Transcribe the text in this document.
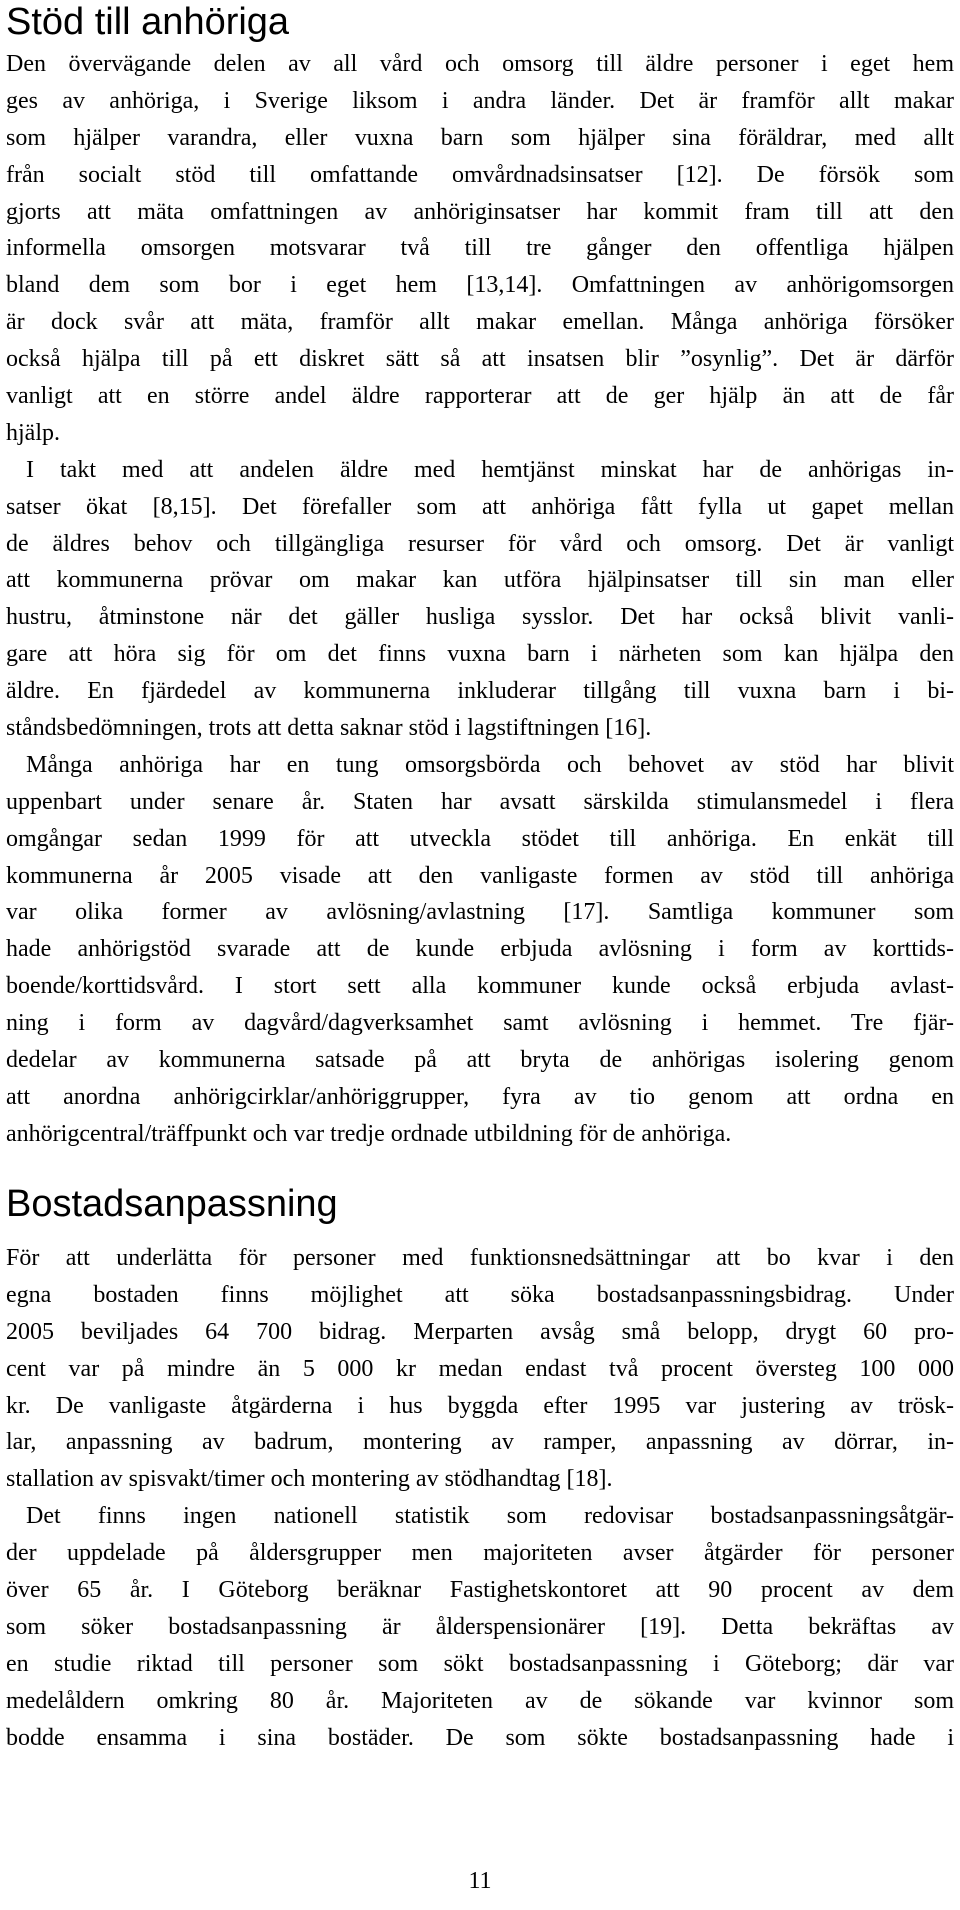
Stöd till anhöriga
Den övervägande delen av all vård och omsorg till äldre personer i eget hem
ges av anhöriga, i Sverige liksom i andra länder. Det är framför allt makar
som hjälper varandra, eller vuxna barn som hjälper sina föräldrar, med allt
från socialt stöd till omfattande omvårdnadsinsatser [12]. De försök som
gjorts att mäta omfattningen av anhöriginsatser har kommit fram till att den
informella omsorgen motsvarar två till tre gånger den offentliga hjälpen
bland dem som bor i eget hem [13,14]. Omfattningen av anhörigomsorgen
är dock svår att mäta, framför allt makar emellan. Många anhöriga försöker
också hjälpa till på ett diskret sätt så att insatsen blir ”osynlig”. Det är därför
vanligt att en större andel äldre rapporterar att de ger hjälp än att de får
hjälp.
I takt med att andelen äldre med hemtjänst minskat har de anhörigas in-
satser ökat [8,15]. Det förefaller som att anhöriga fått fylla ut gapet mellan
de äldres behov och tillgängliga resurser för vård och omsorg. Det är vanligt
att kommunerna prövar om makar kan utföra hjälpinsatser till sin man eller
hustru, åtminstone när det gäller husliga sysslor. Det har också blivit vanli-
gare att höra sig för om det finns vuxna barn i närheten som kan hjälpa den
äldre. En fjärdedel av kommunerna inkluderar tillgång till vuxna barn i bi-
ståndsbedömningen, trots att detta saknar stöd i lagstiftningen [16].
Många anhöriga har en tung omsorgsbörda och behovet av stöd har blivit
uppenbart under senare år. Staten har avsatt särskilda stimulansmedel i flera
omgångar sedan 1999 för att utveckla stödet till anhöriga. En enkät till
kommunerna år 2005 visade att den vanligaste formen av stöd till anhöriga
var olika former av avlösning/avlastning [17]. Samtliga kommuner som
hade anhörigstöd svarade att de kunde erbjuda avlösning i form av korttids-
boende/korttidsvård. I stort sett alla kommuner kunde också erbjuda avlast-
ning i form av dagvård/dagverksamhet samt avlösning i hemmet. Tre fjär-
dedelar av kommunerna satsade på att bryta de anhörigas isolering genom
att anordna anhörigcirklar/anhöriggrupper, fyra av tio genom att ordna en
anhörigcentral/träffpunkt och var tredje ordnade utbildning för de anhöriga.
Bostadsanpassning
För att underlätta för personer med funktionsnedsättningar att bo kvar i den
egna bostaden finns möjlighet att söka bostadsanpassningsbidrag. Under
2005 beviljades 64 700 bidrag. Merparten avsåg små belopp, drygt 60 pro-
cent var på mindre än 5 000 kr medan endast två procent översteg 100 000
kr. De vanligaste åtgärderna i hus byggda efter 1995 var justering av trösk-
lar, anpassning av badrum, montering av ramper, anpassning av dörrar, in-
stallation av spisvakt/timer och montering av stödhandtag [18].
Det finns ingen nationell statistik som redovisar bostadsanpassningsåtgär-
der uppdelade på åldersgrupper men majoriteten avser åtgärder för personer
över 65 år. I Göteborg beräknar Fastighetskontoret att 90 procent av dem
som söker bostadsanpassning är ålderspensionärer [19]. Detta bekräftas av
en studie riktad till personer som sökt bostadsanpassning i Göteborg; där var
medelåldern omkring 80 år. Majoriteten av de sökande var kvinnor som
bodde ensamma i sina bostäder. De som sökte bostadsanpassning hade i
11
